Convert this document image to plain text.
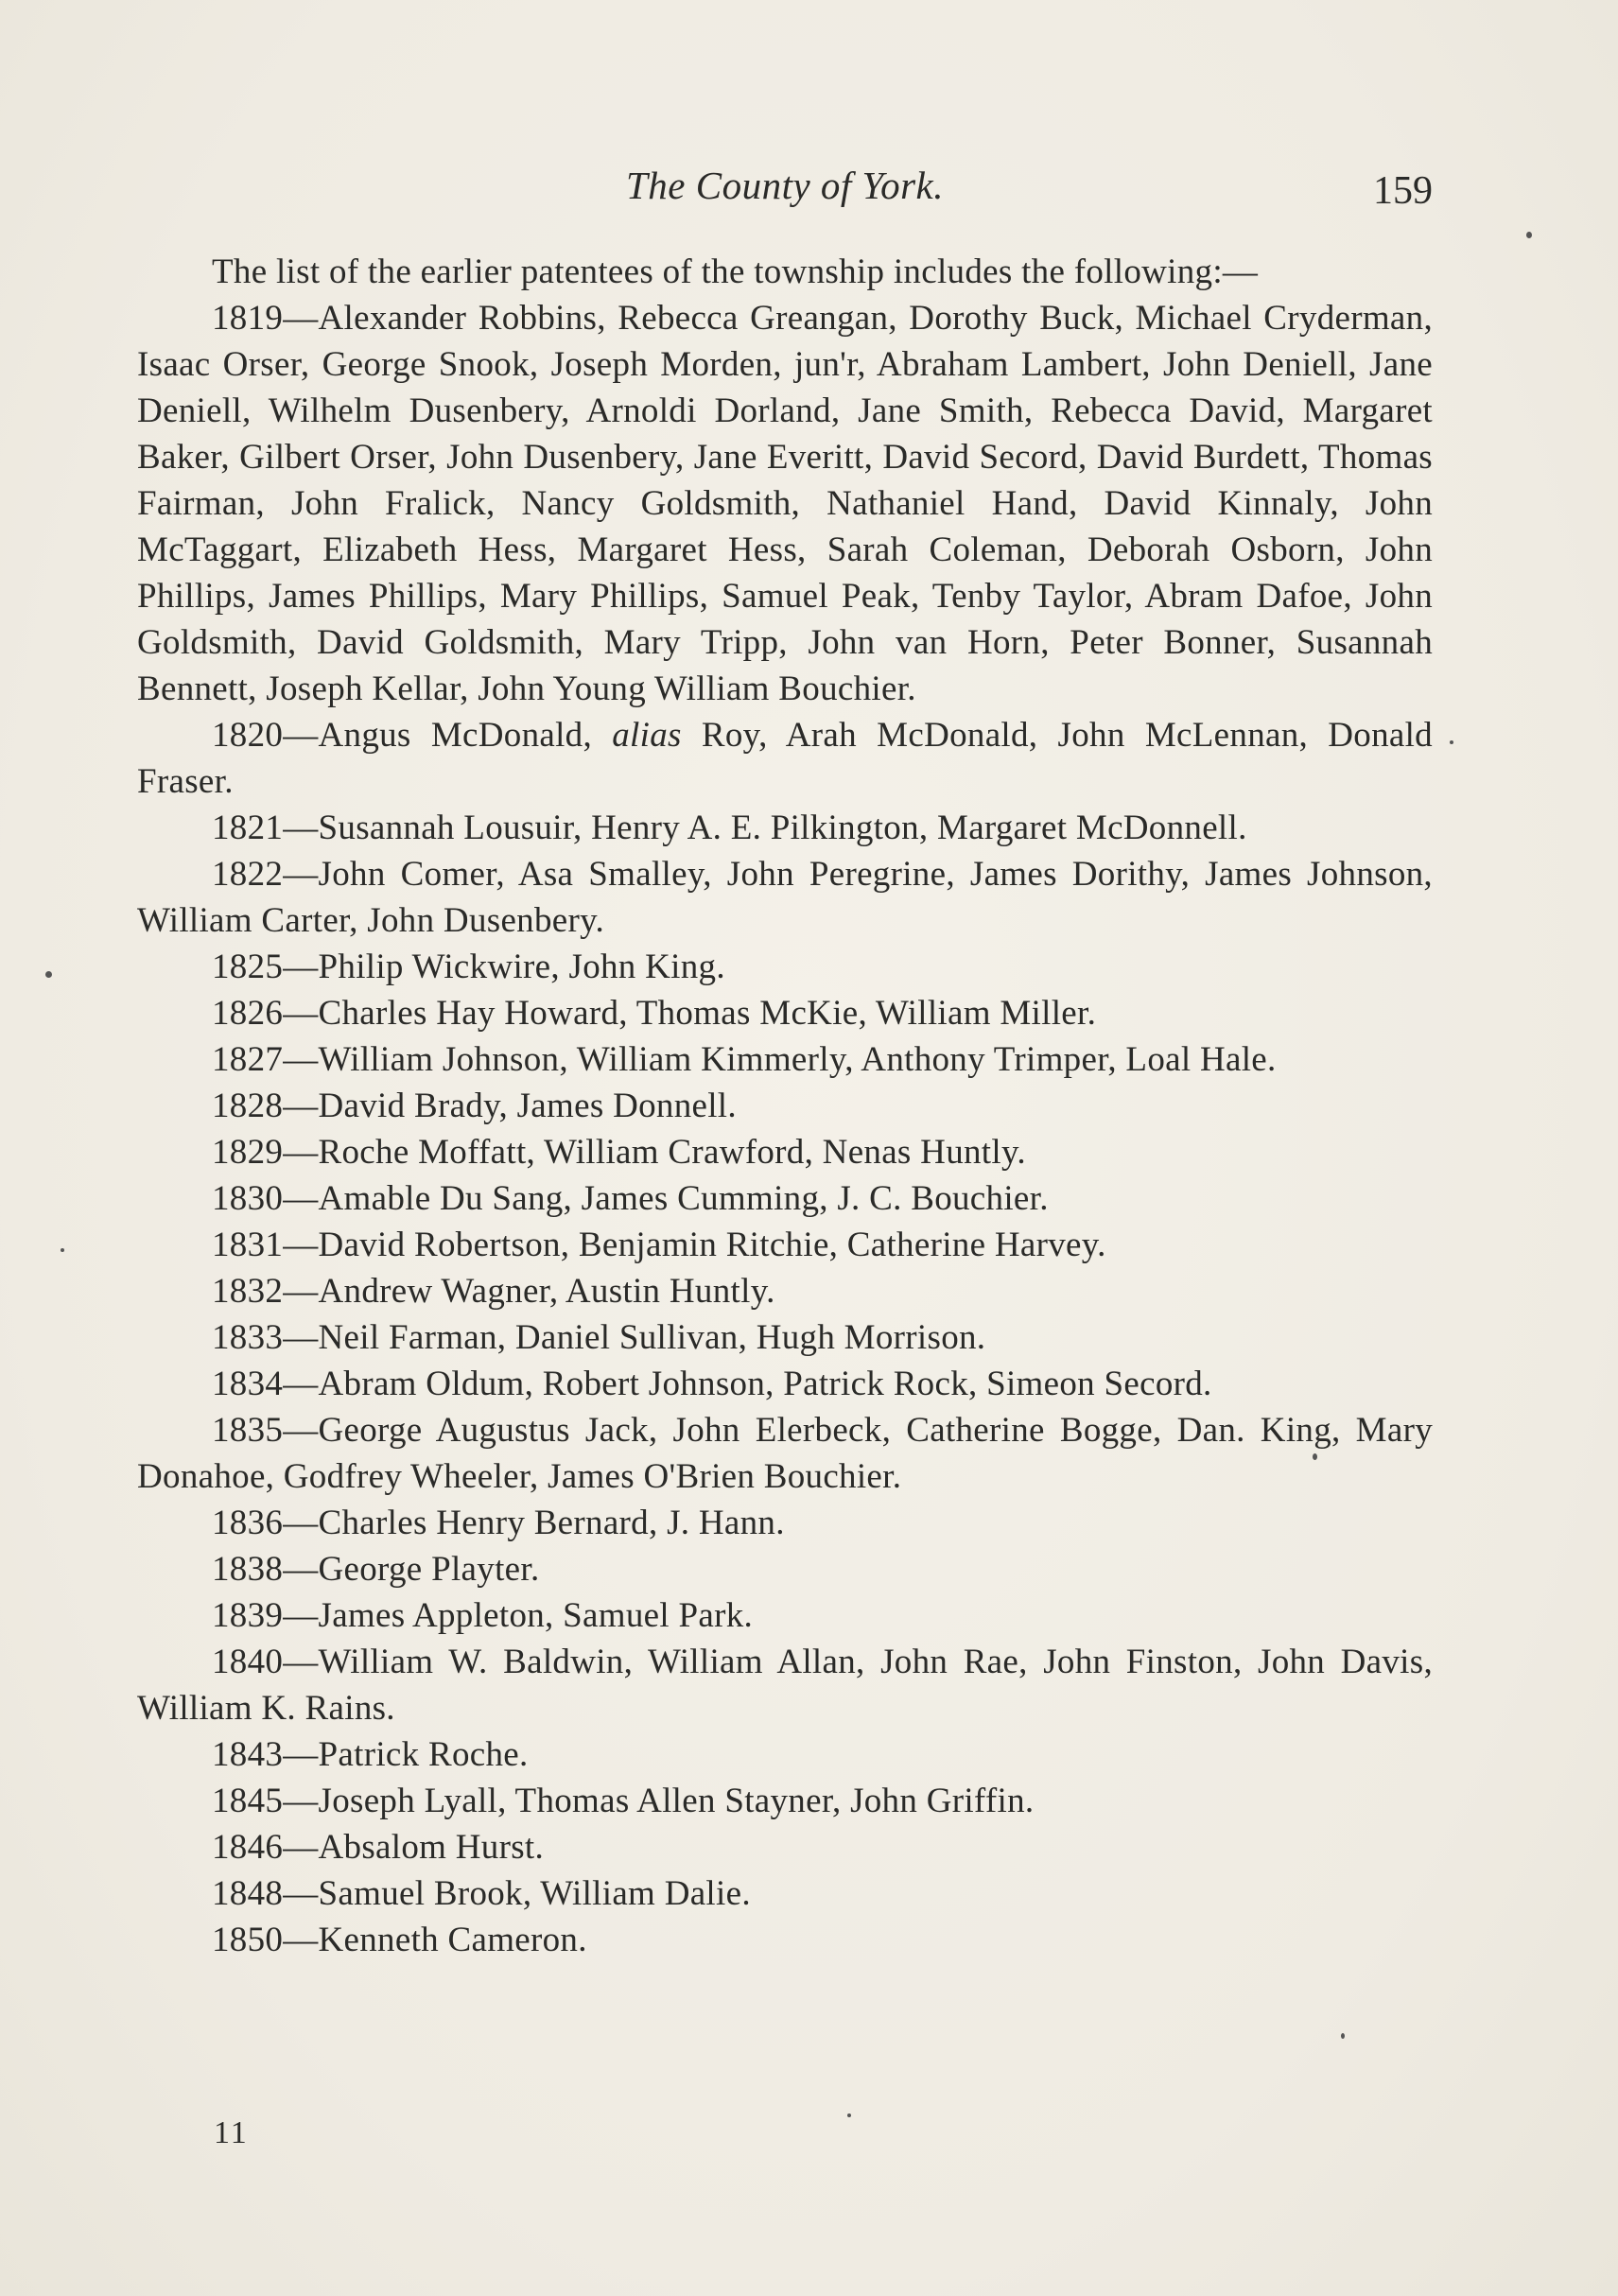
The County of York.	159

The list of the earlier patentees of the township includes the following:—

1819—Alexander Robbins, Rebecca Greangan, Dorothy Buck, Michael Cryderman, Isaac Orser, George Snook, Joseph Morden, jun'r, Abraham Lambert, John Deniell, Jane Deniell, Wilhelm Dusenbery, Arnoldi Dorland, Jane Smith, Rebecca David, Margaret Baker, Gilbert Orser, John Dusenbery, Jane Everitt, David Secord, David Burdett, Thomas Fairman, John Fralick, Nancy Goldsmith, Nathaniel Hand, David Kinnaly, John McTaggart, Elizabeth Hess, Margaret Hess, Sarah Coleman, Deborah Osborn, John Phillips, James Phillips, Mary Phillips, Samuel Peak, Tenby Taylor, Abram Dafoe, John Goldsmith, David Goldsmith, Mary Tripp, John van Horn, Peter Bonner, Susannah Bennett, Joseph Kellar, John Young William Bouchier.

1820—Angus McDonald, alias Roy, Arah McDonald, John McLennan, Donald Fraser.

1821—Susannah Lousuir, Henry A. E. Pilkington, Margaret McDonnell.

1822—John Comer, Asa Smalley, John Peregrine, James Dorithy, James Johnson, William Carter, John Dusenbery.

1825—Philip Wickwire, John King.

1826—Charles Hay Howard, Thomas McKie, William Miller.

1827—William Johnson, William Kimmerly, Anthony Trimper, Loal Hale.

1828—David Brady, James Donnell.

1829—Roche Moffatt, William Crawford, Nenas Huntly.

1830—Amable Du Sang, James Cumming, J. C. Bouchier.

1831—David Robertson, Benjamin Ritchie, Catherine Harvey.

1832—Andrew Wagner, Austin Huntly.

1833—Neil Farman, Daniel Sullivan, Hugh Morrison.

1834—Abram Oldum, Robert Johnson, Patrick Rock, Simeon Secord.

1835—George Augustus Jack, John Elerbeck, Catherine Bogge, Dan. King, Mary Donahoe, Godfrey Wheeler, James O'Brien Bouchier.

1836—Charles Henry Bernard, J. Hann.

1838—George Playter.

1839—James Appleton, Samuel Park.

1840—William W. Baldwin, William Allan, John Rae, John Finston, John Davis, William K. Rains.

1843—Patrick Roche.

1845—Joseph Lyall, Thomas Allen Stayner, John Griffin.

1846—Absalom Hurst.

1848—Samuel Brook, William Dalie.

1850—Kenneth Cameron.

11
